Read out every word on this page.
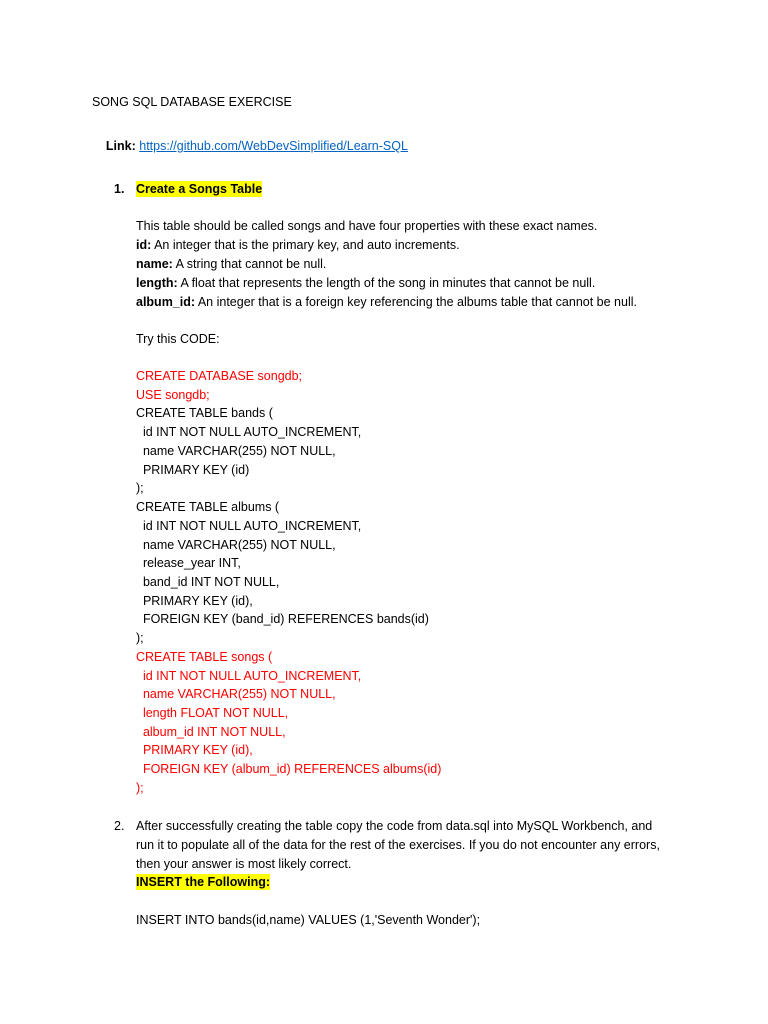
SONG SQL DATABASE EXERCISE

Link: https://github.com/WebDevSimplified/Learn-SQL

1. Create a Songs Table
This table should be called songs and have four properties with these exact names.
id: An integer that is the primary key, and auto increments.
name: A string that cannot be null.
length: A float that represents the length of the song in minutes that cannot be null.
album_id: An integer that is a foreign key referencing the albums table that cannot be null.
Try this CODE:
CREATE DATABASE songdb;
USE songdb;
CREATE TABLE bands (
id INT NOT NULL AUTO_INCREMENT,
name VARCHAR(255) NOT NULL,
PRIMARY KEY (id)
);
CREATE TABLE albums (
id INT NOT NULL AUTO_INCREMENT,
name VARCHAR(255) NOT NULL,
release_year INT,
band_id INT NOT NULL,
PRIMARY KEY (id),
FOREIGN KEY (band_id) REFERENCES bands(id)
);
CREATE TABLE songs (
id INT NOT NULL AUTO_INCREMENT,
name VARCHAR(255) NOT NULL,
length FLOAT NOT NULL,
album_id INT NOT NULL,
PRIMARY KEY (id),
FOREIGN KEY (album_id) REFERENCES albums(id)
);
2. After successfully creating the table copy the code from data.sql into MySQL Workbench, and
run it to populate all of the data for the rest of the exercises. If you do not encounter any errors,
then your answer is most likely correct.
INSERT the Following:
INSERT INTO bands(id,name) VALUES (1,'Seventh Wonder');
